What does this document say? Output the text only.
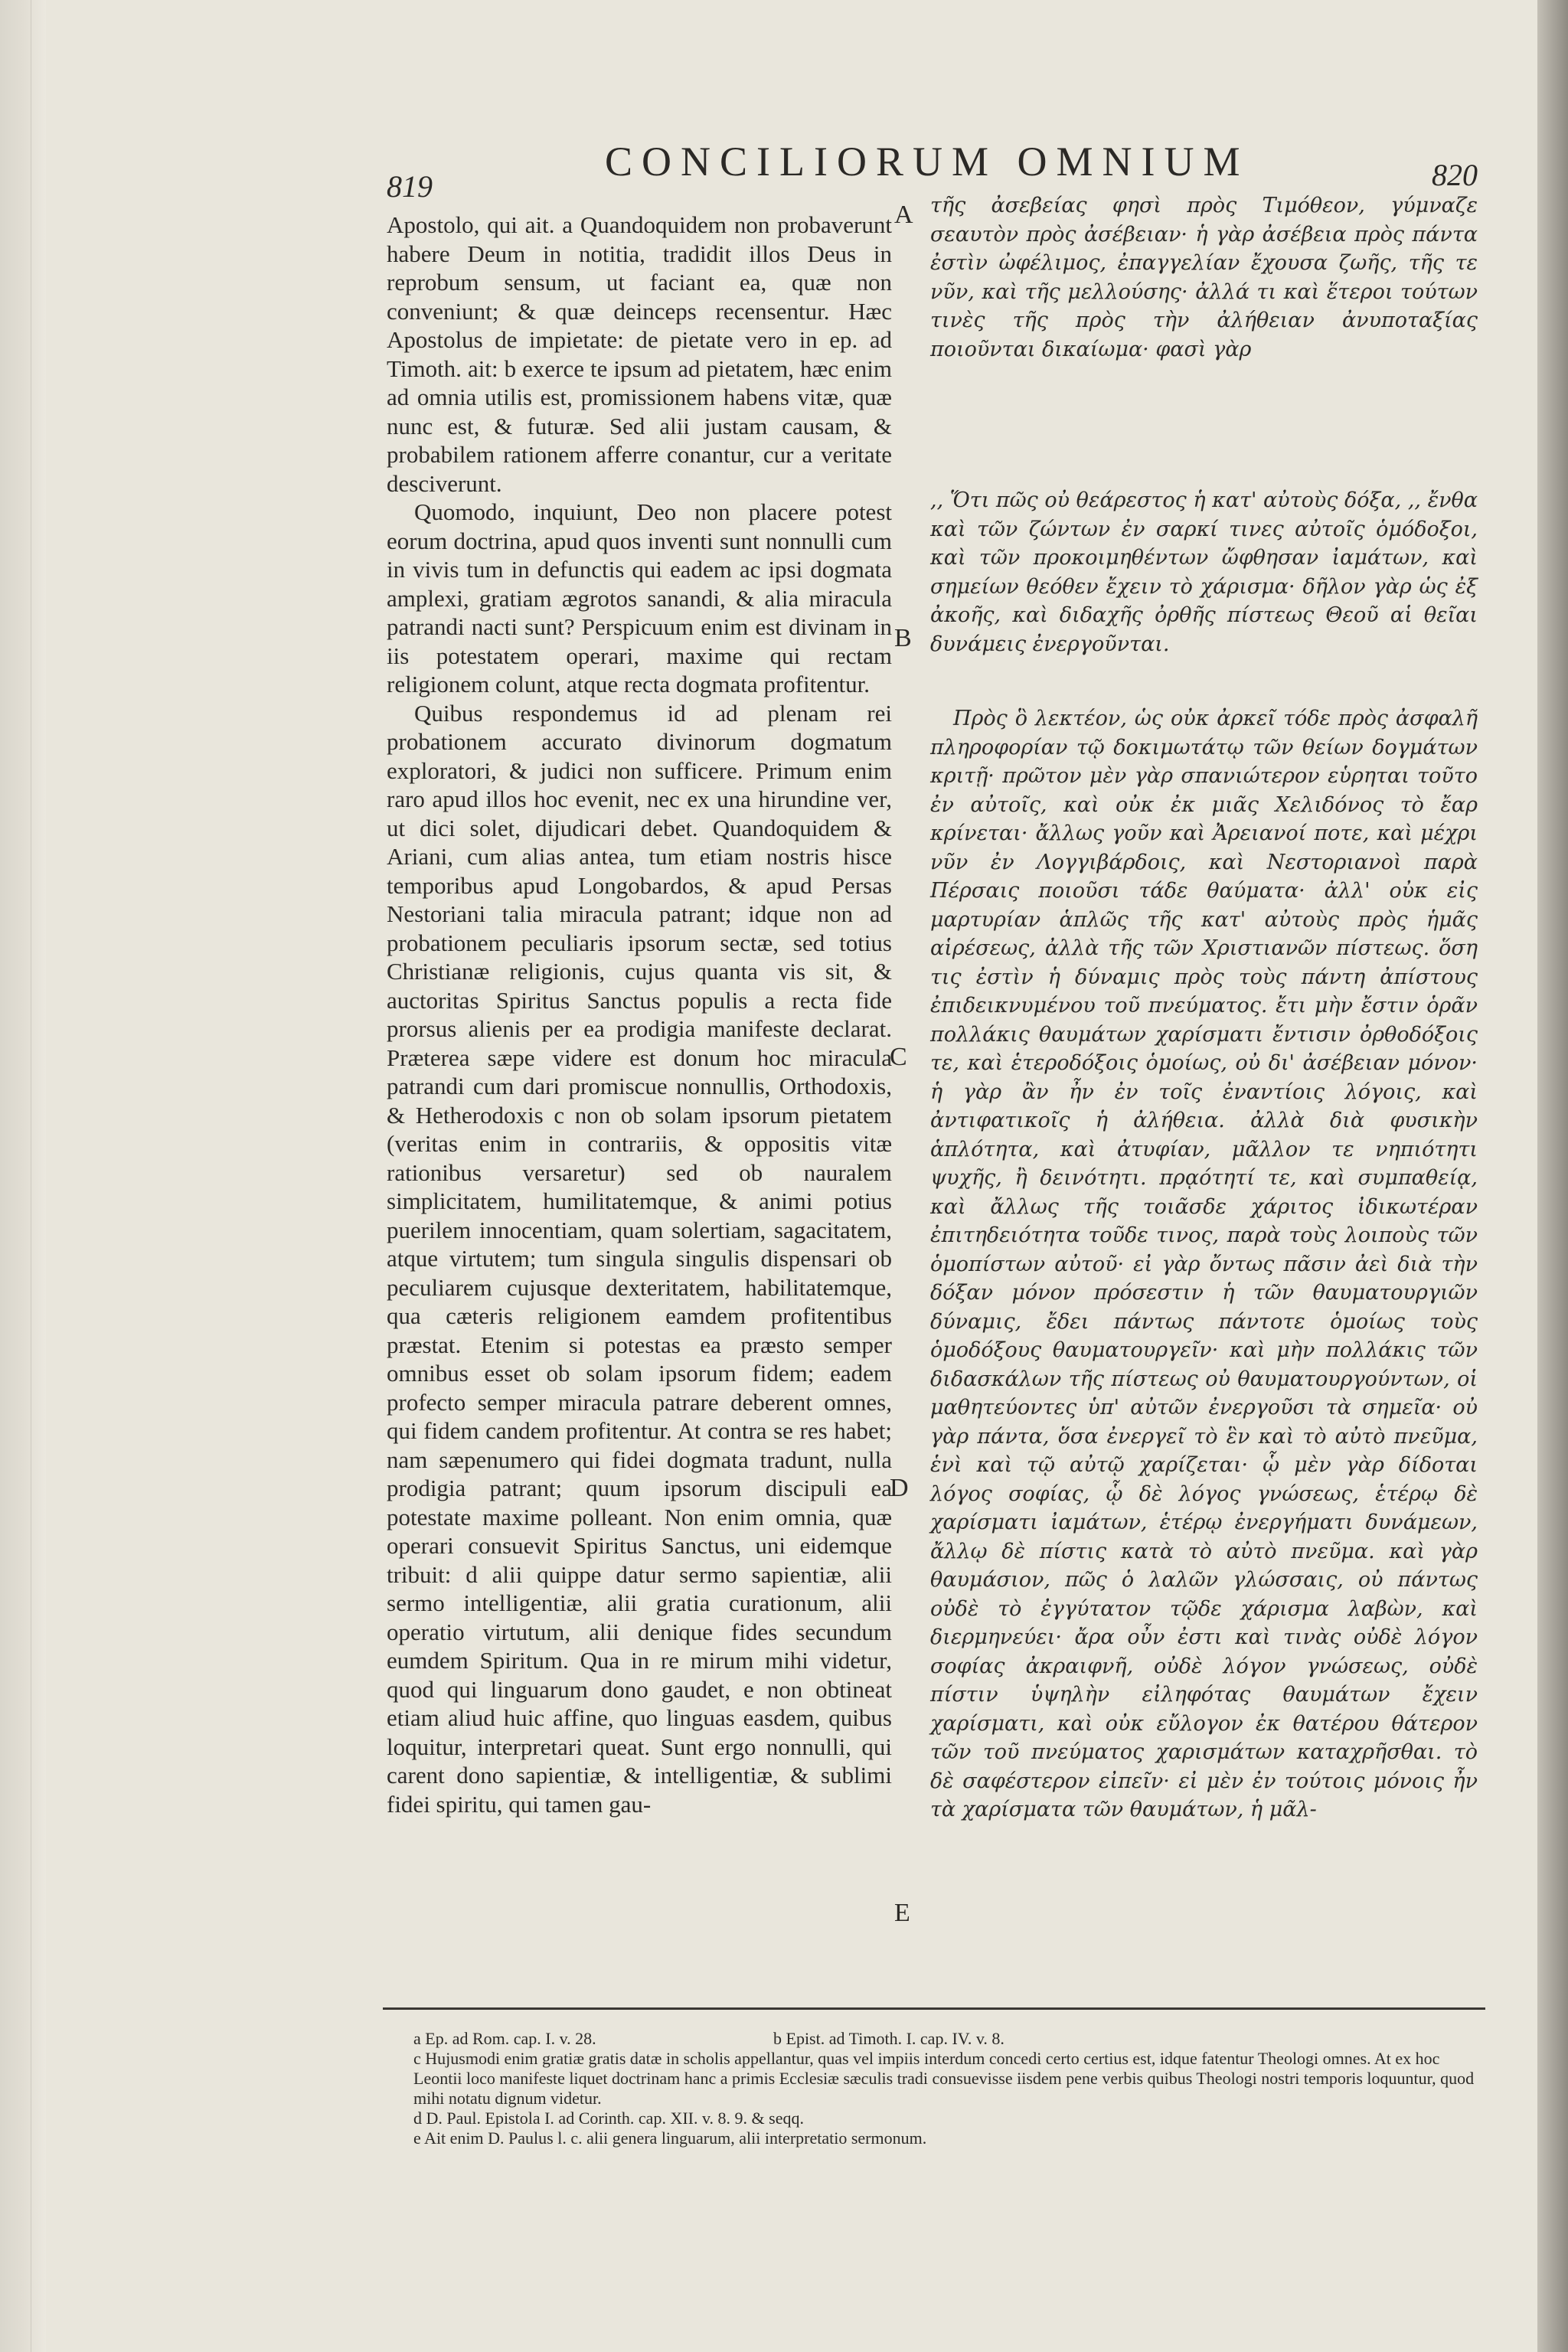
819
CONCILIORUM OMNIUM	820

Apostolo, qui ait. a Quandoquidem non probaverunt habere Deum in notitia, tradidit illos Deus in reprobum sensum, ut faciant ea, quæ non conveniunt; & quæ deinceps recensentur. Hæc Apostolus de impietate: de pietate vero in ep. ad Timoth. ait: b exerce te ipsum ad pietatem, hæc enim ad omnia utilis est, promissionem habens vitæ, quæ nunc est, & futuræ. Sed alii justam causam, & probabilem rationem afferre conantur, cur a veritate desciverunt.

Quomodo, inquiunt, Deo non placere potest eorum doctrina, apud quos inventi sunt nonnulli cum in vivis tum in defunctis qui eadem ac ipsi dogmata amplexi, gratiam ægrotos sanandi, & alia miracula patrandi nacti sunt? Perspicuum enim est divinam in iis potestatem operari, maxime qui rectam religionem colunt, atque recta dogmata profitentur.

Quibus respondemus id ad plenam rei probationem accurato divinorum dogmatum exploratori, & judici non sufficere. Primum enim raro apud illos hoc evenit, nec ex una hirundine ver, ut dici solet, dijudicari debet. Quandoquidem & Ariani, cum alias antea, tum etiam nostris hisce temporibus apud Longobardos, & apud Persas Nestoriani talia miracula patrant; idque non ad probationem peculiaris ipsorum sectæ, sed totius Christianæ religionis, cujus quanta vis sit, & auctoritas Spiritus Sanctus populis a recta fide prorsus alienis per ea prodigia manifeste declarat. Præterea sæpe videre est donum hoc miracula patrandi cum dari promiscue nonnullis, Orthodoxis, & Hetherodoxis c non ob solam ipsorum pietatem (veritas enim in contrariis, & oppositis vitæ rationibus versaretur) sed ob nauralem simplicitatem, humilitatemque, & animi potius puerilem innocentiam, quam solertiam, sagacitatem, atque virtutem; tum singula singulis dispensari ob peculiarem cujusque dexteritatem, habilitatemque, qua cæteris religionem eamdem profitentibus præstat. Etenim si potestas ea præsto semper omnibus esset ob solam ipsorum fidem; eadem profecto semper miracula patrare deberent omnes, qui fidem candem profitentur. At contra se res habet; nam sæpenumero qui fidei dogmata tradunt, nulla prodigia patrant; quum ipsorum discipuli ea potestate maxime polleant. Non enim omnia, quæ operari consuevit Spiritus Sanctus, uni eidemque tribuit: d alii quippe datur sermo sapientiæ, alii sermo intelligentiæ, alii gratia curationum, alii operatio virtutum, alii denique fides secundum eumdem Spiritum. Qua in re mirum mihi videtur, quod qui linguarum dono gaudet, e non obtineat etiam aliud huic affine, quo linguas easdem, quibus loquitur, interpretari queat. Sunt ergo nonnulli, qui carent dono sapientiæ, & intelligentiæ, & sublimi fidei spiritu, qui tamen gau-

τῆς ἀσεβείας φησὶ πρὸς Τιμόθεον, γύμναζε σεαυτὸν πρὸς ἀσέβειαν· ἡ γὰρ ἀσέβεια πρὸς πάντα ἐστὶν ὠφέλιμος, ἐπαγγελίαν ἔχουσα ζωῆς, τῆς τε νῦν, καὶ τῆς μελλούσης· ἀλλά τι καὶ ἕτεροι τούτων τινὲς τῆς πρὸς τὴν ἀλήθειαν ἀνυποταξίας ποιοῦνται δικαίωμα· φασὶ γὰρ

,, Ὅτι πῶς οὐ θεάρεστος ἡ κατ' αὐτοὺς δόξα, ,, ἔνθα καὶ τῶν ζώντων ἐν σαρκί τινες αὐτοῖς ὁμόδοξοι, καὶ τῶν προκοιμηθέντων ὤφθησαν ἰαμάτων, καὶ σημείων θεόθεν ἔχειν τὸ χάρισμα· δῆλον γὰρ ὡς ἐξ ἀκοῆς, καὶ διδαχῆς ὀρθῆς πίστεως Θεοῦ αἱ θεῖαι δυνάμεις ἐνεργοῦνται.

Πρὸς ὃ λεκτέον, ὡς οὐκ ἀρκεῖ τόδε πρὸς ἀσφαλῆ πληροφορίαν τῷ δοκιμωτάτῳ τῶν θείων δογμάτων κριτῇ· πρῶτον μὲν γὰρ σπανιώτερον εὑρηται τοῦτο ἐν αὐτοῖς, καὶ οὐκ ἐκ μιᾶς Χελιδόνος τὸ ἔαρ κρίνεται· ἄλλως γοῦν καὶ Ἀρειανοί ποτε, καὶ μέχρι νῦν ἐν Λογγιβάρδοις, καὶ Νεστοριανοὶ παρὰ Πέρσαις ποιοῦσι τάδε θαύματα· ἀλλ' οὐκ εἰς μαρτυρίαν ἁπλῶς τῆς κατ' αὐτοὺς πρὸς ἡμᾶς αἱρέσεως, ἀλλὰ τῆς τῶν Χριστιανῶν πίστεως. ὅση τις ἐστὶν ἡ δύναμις πρὸς τοὺς πάντη ἀπίστους ἐπιδεικνυμένου τοῦ πνεύματος. ἔτι μὴν ἔστιν ὁρᾶν πολλάκις θαυμάτων χαρίσματι ἔντισιν ὀρθοδόξοις τε, καὶ ἑτεροδόξοις ὁμοίως, οὐ δι' ἀσέβειαν μόνον· ἡ γὰρ ἂν ἦν ἐν τοῖς ἐναντίοις λόγοις, καὶ ἀντιφατικοῖς ἡ ἀλήθεια. ἀλλὰ διὰ φυσικὴν ἁπλότητα, καὶ ἀτυφίαν, μᾶλλον τε νηπιότητι ψυχῆς, ἢ δεινότητι. πρᾳότητί τε, καὶ συμπαθείᾳ, καὶ ἄλλως τῆς τοιᾶσδε χάριτος ἰδικωτέραν ἐπιτηδειότητα τοῦδε τινος, παρὰ τοὺς λοιποὺς τῶν ὁμοπίστων αὐτοῦ· εἰ γὰρ ὄντως πᾶσιν ἀεὶ διὰ τὴν δόξαν μόνον πρόσεστιν ἡ τῶν θαυματουργιῶν δύναμις, ἔδει πάντως πάντοτε ὁμοίως τοὺς ὁμοδόξους θαυματουργεῖν· καὶ μὴν πολλάκις τῶν διδασκάλων τῆς πίστεως οὐ θαυματουργούντων, οἱ μαθητεύοντες ὑπ' αὐτῶν ἐνεργοῦσι τὰ σημεῖα· οὐ γὰρ πάντα, ὅσα ἐνεργεῖ τὸ ἓν καὶ τὸ αὐτὸ πνεῦμα, ἑνὶ καὶ τῷ αὐτῷ χαρίζεται· ᾧ μὲν γὰρ δίδοται λόγος σοφίας, ᾧ δὲ λόγος γνώσεως, ἑτέρῳ δὲ χαρίσματι ἰαμάτων, ἑτέρῳ ἐνεργήματι δυνάμεων, ἄλλῳ δὲ πίστις κατὰ τὸ αὐτὸ πνεῦμα. καὶ γὰρ θαυμάσιον, πῶς ὁ λαλῶν γλώσσαις, οὐ πάντως οὐδὲ τὸ ἐγγύτατον τῷδε χάρισμα λαβὼν, καὶ διερμηνεύει· ἄρα οὖν ἐστι καὶ τινὰς οὐδὲ λόγον σοφίας ἀκραιφνῆ, οὐδὲ λόγον γνώσεως, οὐδὲ πίστιν ὑψηλὴν εἰληφότας θαυμάτων ἔχειν χαρίσματι, καὶ οὐκ εὔλογον ἐκ θατέρου θάτερον τῶν τοῦ πνεύματος χαρισμάτων καταχρῆσθαι. τὸ δὲ σαφέστερον εἰπεῖν· εἰ μὲν ἐν τούτοις μόνοις ἦν τὰ χαρίσματα τῶν θαυμάτων, ἡ μᾶλ-

A
B
C
D
E
a Ep. ad Rom. cap. I. v. 28.	b Epist. ad Timoth. I. cap. IV. v. 8.
c Hujusmodi enim gratiæ gratis datæ in scholis appellantur, quas vel impiis interdum concedi certo certius est, idque fatentur Theologi omnes. At ex hoc Leontii loco manifeste liquet doctrinam hanc a primis Ecclesiæ sæculis tradi consuevisse iisdem pene verbis quibus Theologi nostri temporis loquuntur, quod mihi notatu dignum videtur.
d D. Paul. Epistola I. ad Corinth. cap. XII. v. 8. 9. & seqq.
e Ait enim D. Paulus l. c. alii genera linguarum, alii interpretatio sermonum.
